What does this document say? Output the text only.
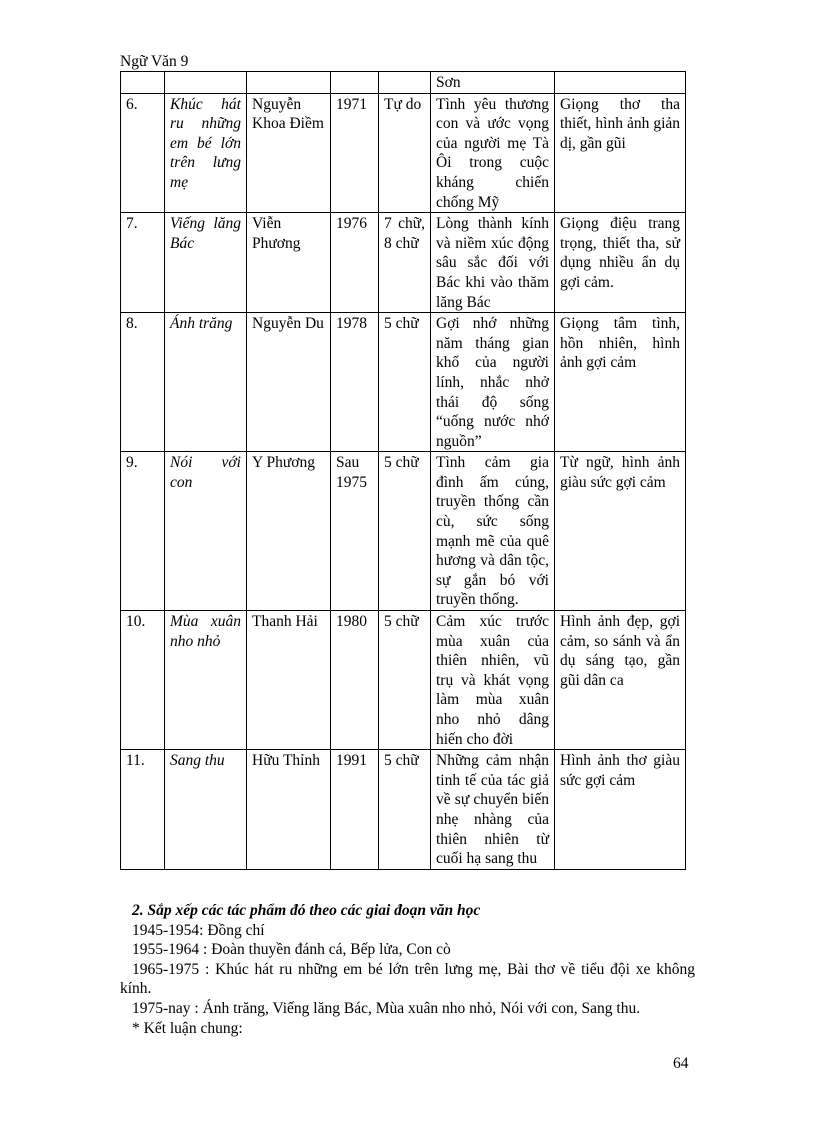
Ngữ Văn 9
					Sơn	
6.	Khúc hát ru những em bé lớn trên lưng mẹ	Nguyễn Khoa Điềm	1971	Tự do	Tình yêu thương con và ước vọng của người mẹ Tà Ôi trong cuộc kháng chiến chống Mỹ	Giọng thơ tha thiết, hình ảnh giản dị, gần gũi
7.	Viếng lăng Bác	Viễn Phương	1976	7 chữ, 8 chữ	Lòng thành kính và niềm xúc động sâu sắc đối với Bác khi vào thăm lăng Bác	Giọng điệu trang trọng, thiết tha, sử dụng nhiều ẩn dụ gợi cảm.
8.	Ánh trăng	Nguyễn Du	1978	5 chữ	Gợi nhớ những năm tháng gian khổ của người lính, nhắc nhở thái độ sống “uống nước nhớ nguồn”	Giọng tâm tình, hồn nhiên, hình ảnh gợi cảm
9.	Nói với con	Y Phương	Sau 1975	5 chữ	Tình cảm gia đình ấm cúng, truyền thống cần cù, sức sống mạnh mẽ của quê hương và dân tộc, sự gắn bó với truyền thống.	Từ ngữ, hình ảnh giàu sức gợi cảm
10.	Mùa xuân nho nhỏ	Thanh Hải	1980	5 chữ	Cảm xúc trước mùa xuân của thiên nhiên, vũ trụ và khát vọng làm mùa xuân nho nhỏ dâng hiến cho đời	Hình ảnh đẹp, gợi cảm, so sánh và ẩn dụ sáng tạo, gần gũi dân ca
11.	Sang thu	Hữu Thỉnh	1991	5 chữ	Những cảm nhận tinh tế của tác giả về sự chuyển biến nhẹ nhàng của thiên nhiên từ cuối hạ sang thu	Hình ảnh thơ giàu sức gợi cảm
2. Sắp xếp các tác phẩm đó theo các giai đoạn văn học
1945-1954: Đồng chí
1955-1964 : Đoàn thuyền đánh cá, Bếp lửa, Con cò
1965-1975 : Khúc hát ru những em bé lớn trên lưng mẹ, Bài thơ về tiểu đội xe không kính.
1975-nay : Ánh trăng, Viếng lăng Bác, Mùa xuân nho nhỏ, Nói với con, Sang thu.
* Kết luận chung:
64
